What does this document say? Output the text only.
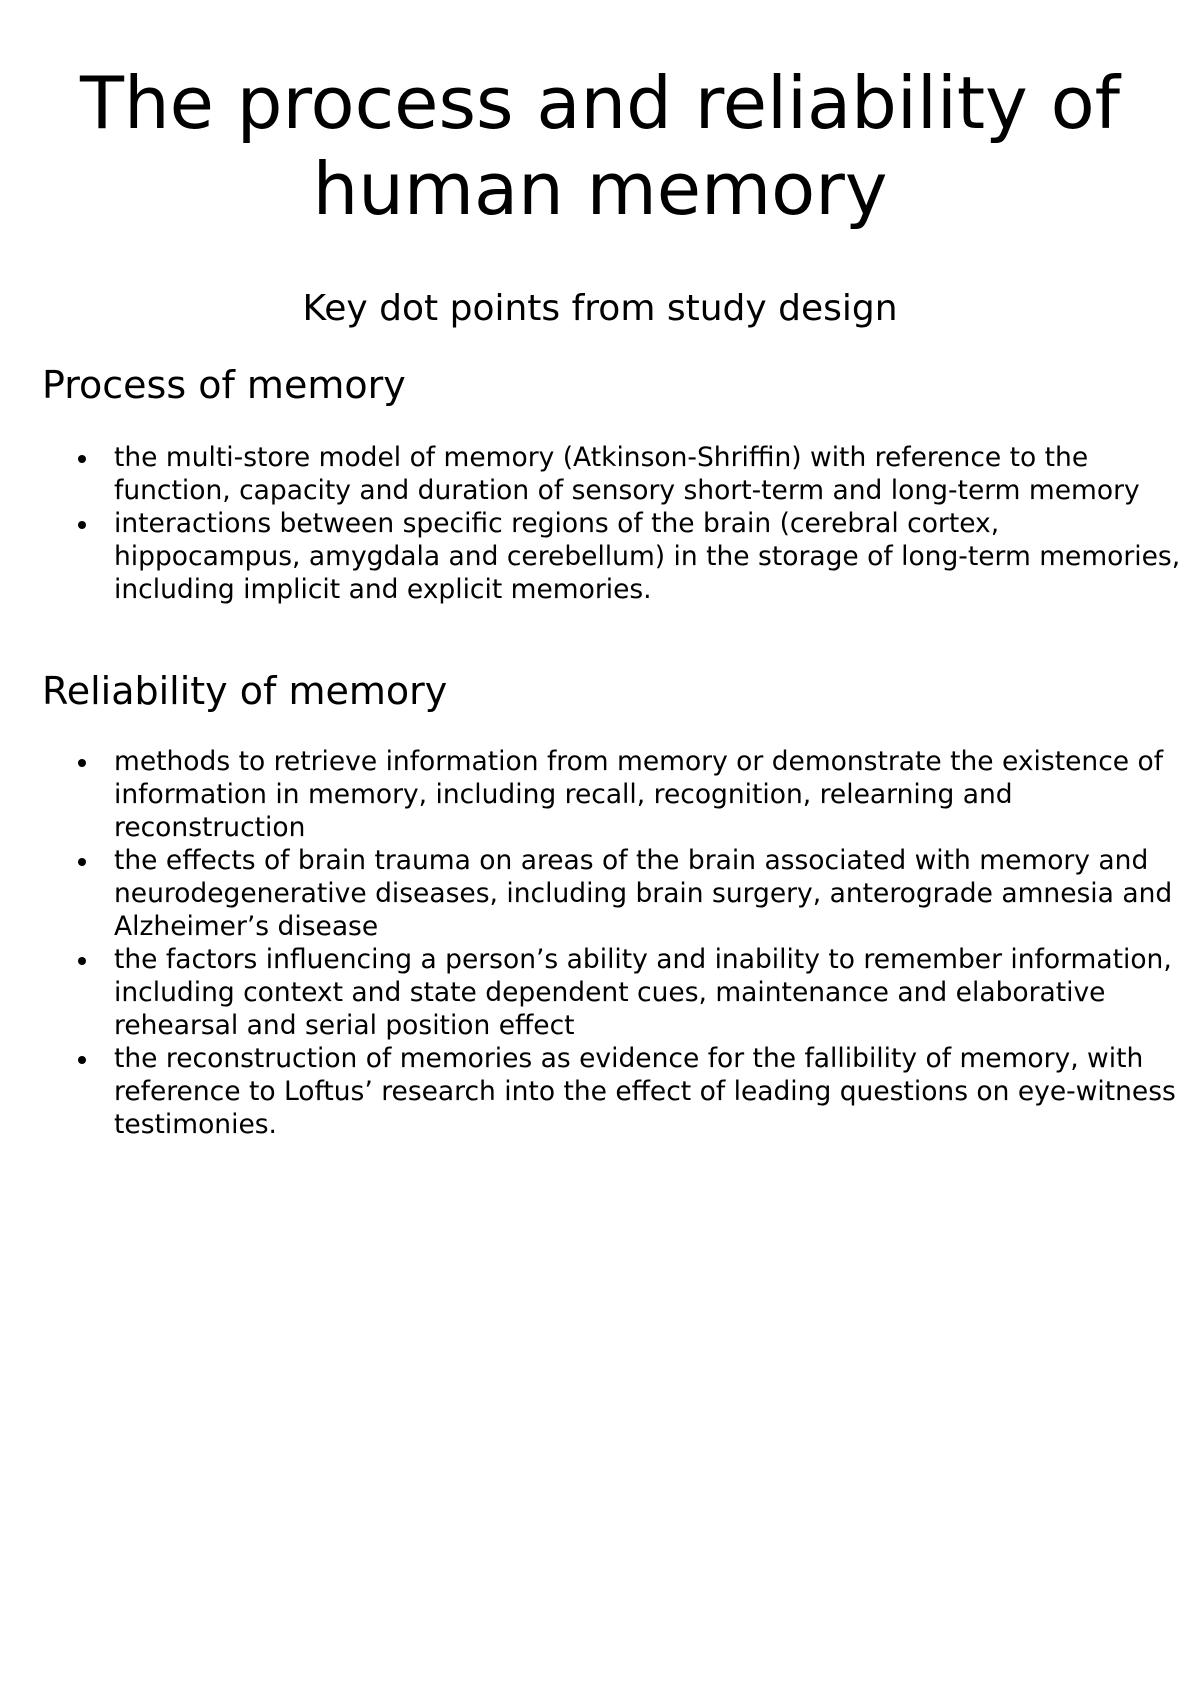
The process and reliability of human memory
Key dot points from study design
Process of memory
the multi-store model of memory (Atkinson-Shriffin) with reference to the function, capacity and duration of sensory short-term and long-term memory
interactions between specific regions of the brain (cerebral cortex, hippocampus, amygdala and cerebellum) in the storage of long-term memories, including implicit and explicit memories.
Reliability of memory
methods to retrieve information from memory or demonstrate the existence of information in memory, including recall, recognition, relearning and reconstruction
the effects of brain trauma on areas of the brain associated with memory and neurodegenerative diseases, including brain surgery, anterograde amnesia and Alzheimer’s disease
the factors influencing a person’s ability and inability to remember information, including context and state dependent cues, maintenance and elaborative rehearsal and serial position effect
the reconstruction of memories as evidence for the fallibility of memory, with reference to Loftus’ research into the effect of leading questions on eye-witness testimonies.
